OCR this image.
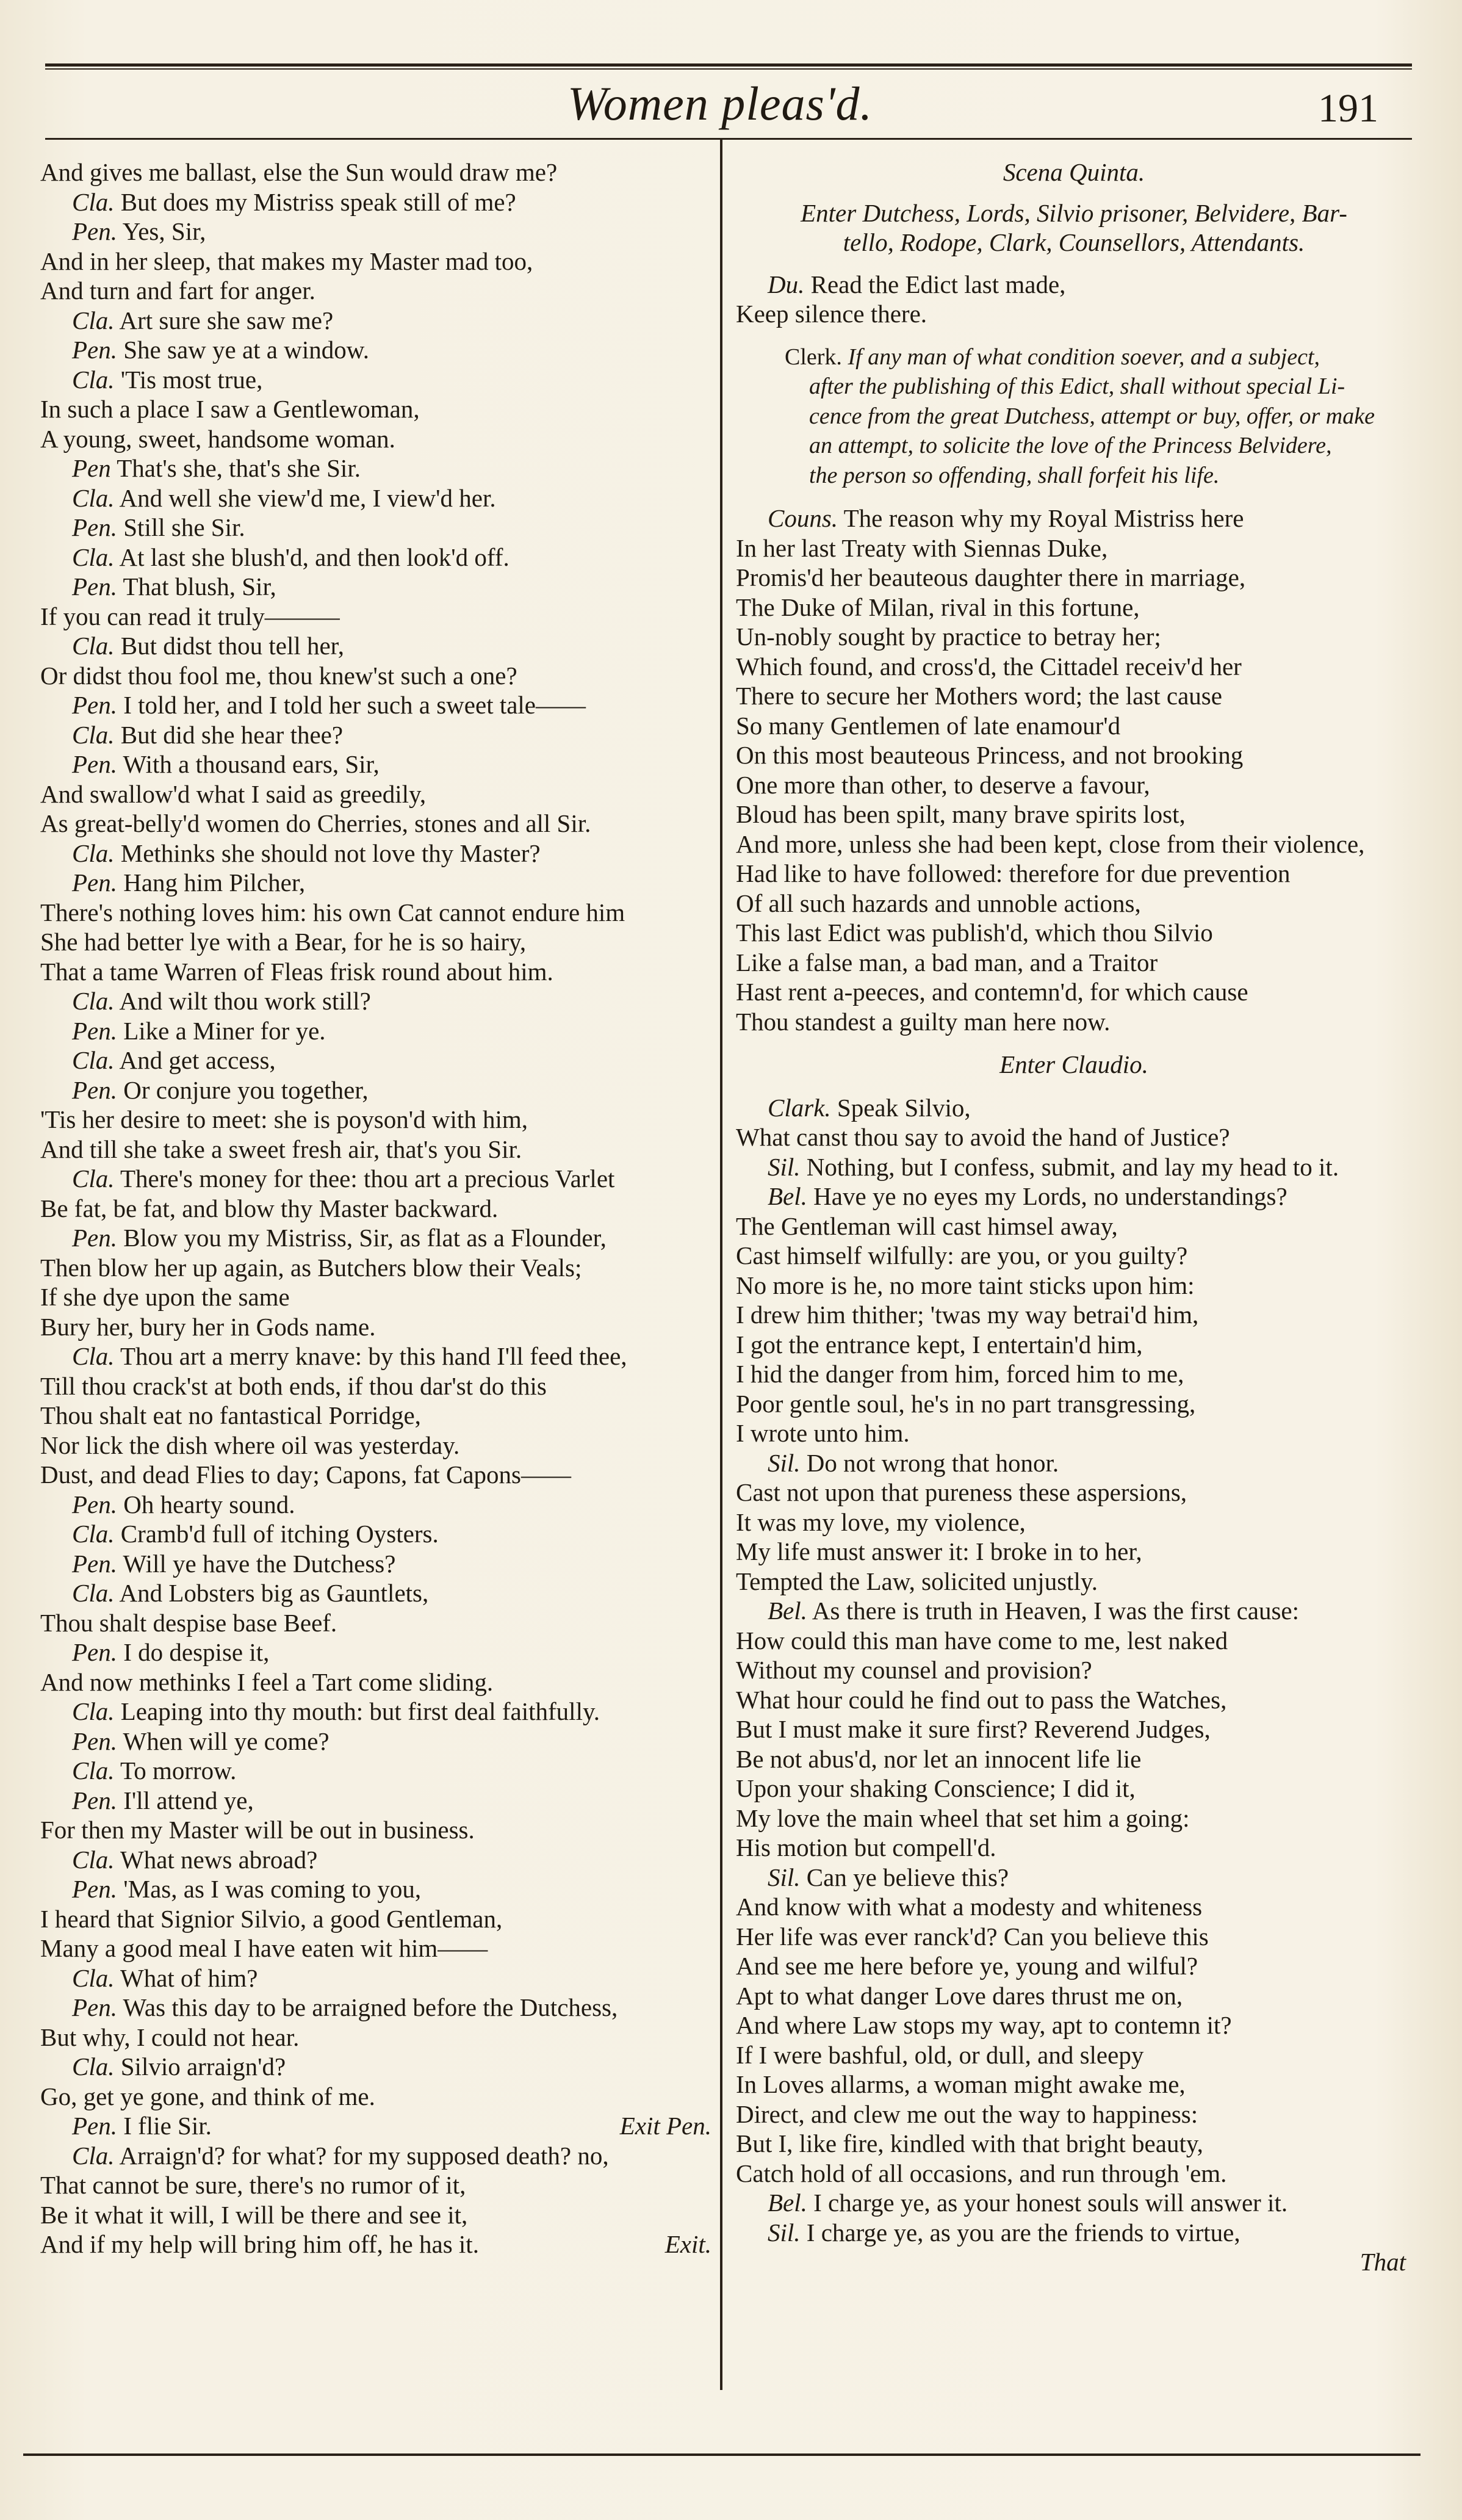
Women pleas'd.	191
And gives me ballast, else the Sun would draw me?
Cla. But does my Mistriss speak still of me?
Pen. Yes, Sir,
And in her sleep, that makes my Master mad too,
And turn and fart for anger.
Cla. Art sure she saw me?
Pen. She saw ye at a window.
Cla. 'Tis most true,
In such a place I saw a Gentlewoman,
A young, sweet, handsome woman.
Pen That's she, that's she Sir.
Cla. And well she view'd me, I view'd her.
Pen. Still she Sir.
Cla. At last she blush'd, and then look'd off.
Pen. That blush, Sir,
If you can read it truly———
Cla. But didst thou tell her,
Or didst thou fool me, thou knew'st such a one?
Pen. I told her, and I told her such a sweet tale——
Cla. But did she hear thee?
Pen. With a thousand ears, Sir,
And swallow'd what I said as greedily,
As great-belly'd women do Cherries, stones and all Sir.
Cla. Methinks she should not love thy Master?
Pen. Hang him Pilcher,
There's nothing loves him: his own Cat cannot endure him
She had better lye with a Bear, for he is so hairy,
That a tame Warren of Fleas frisk round about him.
Cla. And wilt thou work still?
Pen. Like a Miner for ye.
Cla. And get access,
Pen. Or conjure you together,
'Tis her desire to meet: she is poyson'd with him,
And till she take a sweet fresh air, that's you Sir.
Cla. There's money for thee: thou art a precious Varlet
Be fat, be fat, and blow thy Master backward.
Pen. Blow you my Mistriss, Sir, as flat as a Flounder,
Then blow her up again, as Butchers blow their Veals;
If she dye upon the same
Bury her, bury her in Gods name.
Cla. Thou art a merry knave: by this hand I'll feed thee,
Till thou crack'st at both ends, if thou dar'st do this
Thou shalt eat no fantastical Porridge,
Nor lick the dish where oil was yesterday.
Dust, and dead Flies to day; Capons, fat Capons——
Pen. Oh hearty sound.
Cla. Cramb'd full of itching Oysters.
Pen. Will ye have the Dutchess?
Cla. And Lobsters big as Gauntlets,
Thou shalt despise base Beef.
Pen. I do despise it,
And now methinks I feel a Tart come sliding.
Cla. Leaping into thy mouth: but first deal faithfully.
Pen. When will ye come?
Cla. To morrow.
Pen. I'll attend ye,
For then my Master will be out in business.
Cla. What news abroad?
Pen. 'Mas, as I was coming to you,
I heard that Signior Silvio, a good Gentleman,
Many a good meal I have eaten wit him——
Cla. What of him?
Pen. Was this day to be arraigned before the Dutchess,
But why, I could not hear.
Cla. Silvio arraign'd?
Go, get ye gone, and think of me.
Pen. I flie Sir.	Exit Pen.
Cla. Arraign'd? for what? for my supposed death? no,
That cannot be sure, there's no rumor of it,
Be it what it will, I will be there and see it,
And if my help will bring him off, he has it.	Exit.
Scena Quinta.
Enter Dutchess, Lords, Silvio prisoner, Belvidere, Bar-
tello, Rodope, Clark, Counsellors, Attendants.
Du. Read the Edict last made,
Keep silence there.
Clerk. If any man of what condition soever, and a subject,
after the publishing of this Edict, shall without special Li-
cence from the great Dutchess, attempt or buy, offer, or make
an attempt, to solicite the love of the Princess Belvidere,
the person so offending, shall forfeit his life.
Couns. The reason why my Royal Mistriss here
In her last Treaty with Siennas Duke,
Promis'd her beauteous daughter there in marriage,
The Duke of Milan, rival in this fortune,
Un-nobly sought by practice to betray her;
Which found, and cross'd, the Cittadel receiv'd her
There to secure her Mothers word; the last cause
So many Gentlemen of late enamour'd
On this most beauteous Princess, and not brooking
One more than other, to deserve a favour,
Bloud has been spilt, many brave spirits lost,
And more, unless she had been kept, close from their violence,
Had like to have followed: therefore for due prevention
Of all such hazards and unnoble actions,
This last Edict was publish'd, which thou Silvio
Like a false man, a bad man, and a Traitor
Hast rent a-peeces, and contemn'd, for which cause
Thou standest a guilty man here now.
Enter Claudio.
Clark. Speak Silvio,
What canst thou say to avoid the hand of Justice?
Sil. Nothing, but I confess, submit, and lay my head to it.
Bel. Have ye no eyes my Lords, no understandings?
The Gentleman will cast himsel away,
Cast himself wilfully: are you, or you guilty?
No more is he, no more taint sticks upon him:
I drew him thither; 'twas my way betrai'd him,
I got the entrance kept, I entertain'd him,
I hid the danger from him, forced him to me,
Poor gentle soul, he's in no part transgressing,
I wrote unto him.
Sil. Do not wrong that honor.
Cast not upon that pureness these aspersions,
It was my love, my violence,
My life must answer it: I broke in to her,
Tempted the Law, solicited unjustly.
Bel. As there is truth in Heaven, I was the first cause:
How could this man have come to me, lest naked
Without my counsel and provision?
What hour could he find out to pass the Watches,
But I must make it sure first? Reverend Judges,
Be not abus'd, nor let an innocent life lie
Upon your shaking Conscience; I did it,
My love the main wheel that set him a going:
His motion but compell'd.
Sil. Can ye believe this?
And know with what a modesty and whiteness
Her life was ever ranck'd? Can you believe this
And see me here before ye, young and wilful?
Apt to what danger Love dares thrust me on,
And where Law stops my way, apt to contemn it?
If I were bashful, old, or dull, and sleepy
In Loves allarms, a woman might awake me,
Direct, and clew me out the way to happiness:
But I, like fire, kindled with that bright beauty,
Catch hold of all occasions, and run through 'em.
Bel. I charge ye, as your honest souls will answer it.
Sil. I charge ye, as you are the friends to virtue,
That
